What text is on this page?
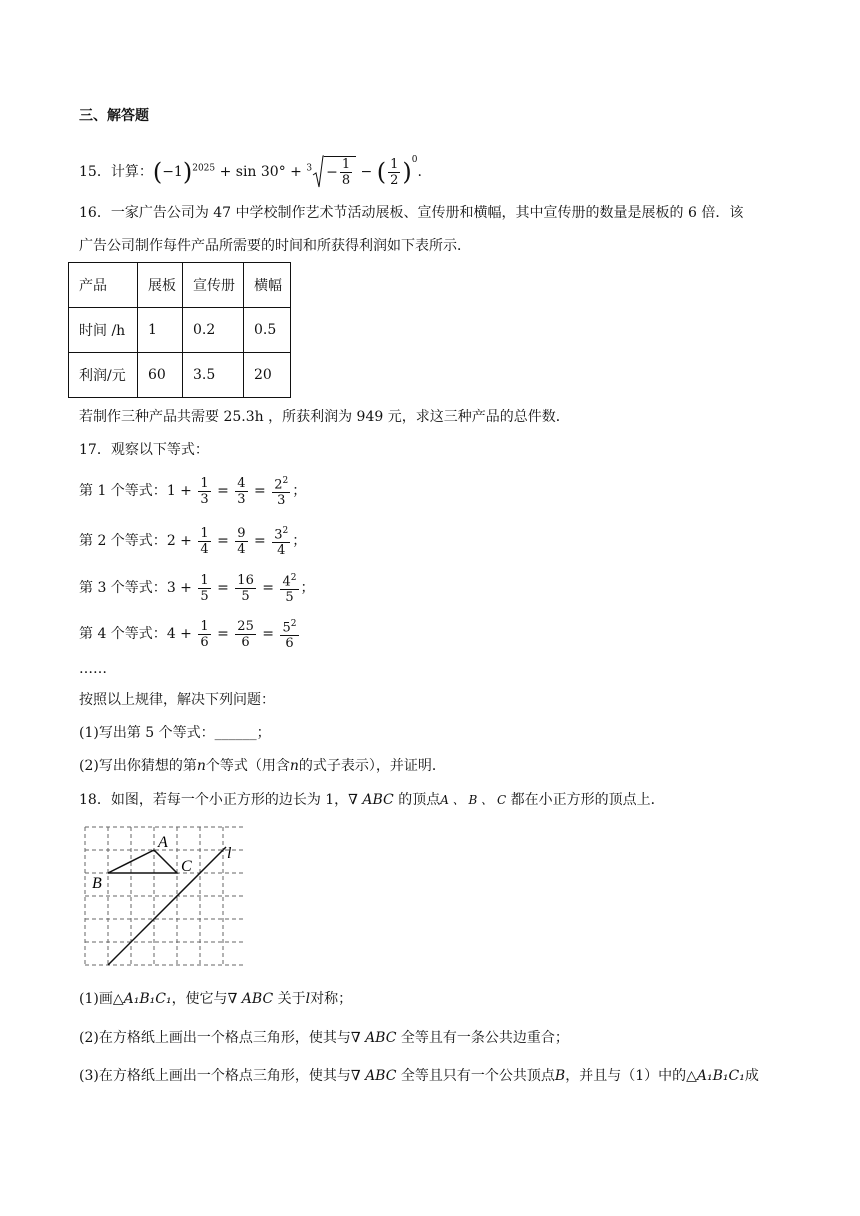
三、解答题
15．计算：$(-1)^{2025} + \sin 30^\circ + ^3 - \frac{1}{8}$ − ( $\frac{1}{2} )^0$.
16．一家广告公司为 47 中学校制作艺术节活动展板、宣传册和横幅，其中宣传册的数量是展板的 6 倍．该
广告公司制作每件产品所需要的时间和所获得利润如下表所示．
产品	展板	宣传册	横幅
时间 /h	1	0.2	0.5
利润/元	60	3.5	20
若制作三种产品共需要 25.3h ，所获利润为 949 元，求这三种产品的总件数．
17．观察以下等式：
第 1 个等式：$1 + \frac{1}{3} = \frac{4}{3} = \frac{2^2}{3}$ ；
第 2 个等式：$2 + \frac{1}{4} = \frac{9}{4} = \frac{3^2}{4}$ ；
第 3 个等式：$3 + \frac{1}{5} = \frac{16}{5} = \frac{4^2}{5}$ ；
第 4 个等式：$4 + \frac{1}{6} = \frac{25}{6} = \frac{5^2}{6}$
……
按照以上规律，解决下列问题：
(1)写出第 5 个等式：______；
(2)写出你猜想的第n个等式（用含n的式子表示），并证明．
18．如图，若每一个小正方形的边长为 1，∇ ABC 的顶点A 、 B 、 C 都在小正方形的顶点上．
A
B
C
l
(1)画△A₁B₁C₁，使它与∇ ABC 关于l对称；
(2)在方格纸上画出一个格点三角形，使其与∇ ABC 全等且有一条公共边重合；
(3)在方格纸上画出一个格点三角形，使其与∇ ABC 全等且只有一个公共顶点B，并且与（1）中的△A₁B₁C₁成
